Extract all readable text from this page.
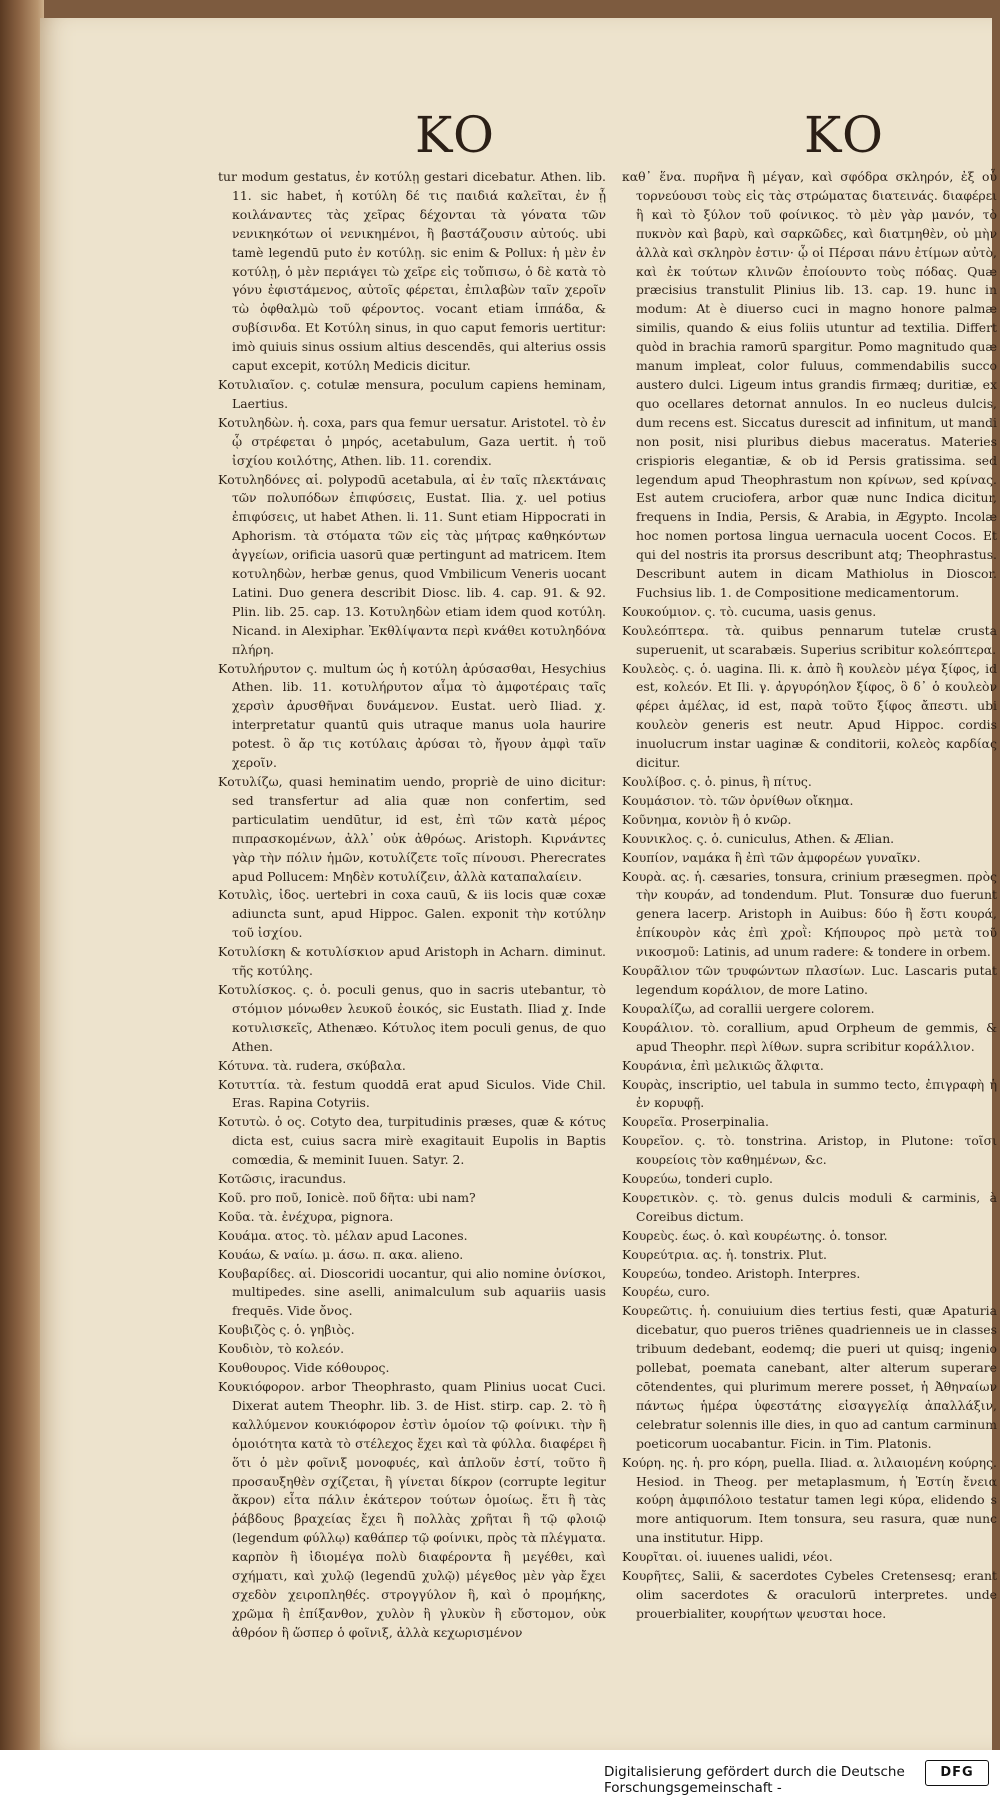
KO	KO

tur modum gestatus, ἐν κοτύλῃ gestari dicebatur. Athen. lib. 11. sic habet, ἡ κοτύλη δέ τις παιδιά καλεῖται, ἐν ᾗ κοιλάναντες τὰς χεῖρας δέχονται τὰ γόνατα τῶν νενικηκότων οἱ νενικημένοι, ἢ βαστάζουσιν αὐτούς. ubi tamè legendū puto ἐν κοτύλῃ. sic enim & Pollux: ἡ μὲν ἐν κοτύλῃ, ὁ μὲν περιάγει τὼ χεῖρε εἰς τοὔπισω, ὁ δὲ κατὰ τὸ γόνυ ἐφιστάμενος, αὐτοῖς φέρεται, ἐπιλαβὼν ταῖν χεροῖν τὼ ὀφθαλμὼ τοῦ φέροντος. vocant etiam ἱππάδα, & συβίσινδα. Et Κοτύλη sinus, in quo caput femoris uertitur: imò quiuis sinus ossium altius descendēs, qui alterius ossis caput excepit, κοτύλη Medicis dicitur.

Κοτυλιαῖον. ς. cotulæ mensura, poculum capiens heminam, Laertius.

Κοτυληδὼν. ἡ. coxa, pars qua femur uersatur. Aristotel. τὸ ἐν ᾧ στρέφεται ὁ μηρός, acetabulum, Gaza uertit. ἡ τοῦ ἰσχίου κοιλότης, Athen. lib. 11. corendix.

Κοτυληδόνες αἱ. polypodū acetabula, αἱ ἐν ταῖς πλεκτάναις τῶν πολυπόδων ἐπιφύσεις, Eustat. Ilia. χ. uel potius ἐπιφύσεις, ut habet Athen. li. 11. Sunt etiam Hippocrati in Aphorism. τὰ στόματα τῶν εἰς τὰς μήτρας καθηκόντων ἀγγείων, orificia uasorū quæ pertingunt ad matricem. Item κοτυληδὼν, herbæ genus, quod Vmbilicum Veneris uocant Latini. Duo genera describit Diosc. lib. 4. cap. 91. & 92. Plin. lib. 25. cap. 13. Κοτυληδὼν etiam idem quod κοτύλη. Nicand. in Alexiphar. Ἐκθλίψαντα περὶ κνάθει κοτυληδόνα πλήρη.

Κοτυλήρυτον ς. multum ὡς ἡ κοτύλη ἀρύσασθαι, Hesychius Athen. lib. 11. κοτυλήρυτον αἷμα τὸ ἀμφοτέραις ταῖς χερσὶν ἀρυσθῆναι δυνάμενον. Eustat. uerò Iliad. χ. interpretatur quantū quis utraque manus uola haurire potest. ὃ ἄρ τις κοτύλαις ἀρύσαι τὸ, ἤγουν ἀμφὶ ταῖν χεροῖν.

Κοτυλίζω, quasi heminatim uendo, propriè de uino dicitur: sed transfertur ad alia quæ non confertim, sed particulatim uendūtur, id est, ἐπὶ τῶν κατὰ μέρος πιπρασκομένων, ἀλλ᾽ οὐκ ἀθρόως. Aristoph. Κιρνάντες γὰρ τὴν πόλιν ἡμῶν, κοτυλίζετε τοῖς πίνουσι. Pherecrates apud Pollucem: Μηδὲν κοτυλίζειν, ἀλλὰ καταπαλαίειν.

Κοτυλὶς, ἰδος. uertebri in coxa cauū, & iis locis quæ coxæ adiuncta sunt, apud Hippoc. Galen. exponit τὴν κοτύλην τοῦ ἰσχίου.

Κοτυλίσκη & κοτυλίσκιον apud Aristoph in Acharn. diminut. τῆς κοτύλης.

Κοτυλίσκος. ς. ὁ. poculi genus, quo in sacris utebantur, τὸ στόμιον μόνωθεν λευκοῦ ἐοικός, sic Eustath. Iliad χ. Inde κοτυλισκεῖς, Athenæo. Κότυλος item poculi genus, de quo Athen.

Κότυνα. τὰ. rudera, σκύβαλα.

Κοτυττία. τὰ. festum quoddā erat apud Siculos. Vide Chil. Eras. Rapina Cotyriis.

Κοτυτὼ. ὁ ος. Cotyto dea, turpitudinis præses, quæ & κότυς dicta est, cuius sacra mirè exagitauit Eupolis in Baptis comœdia, & meminit Iuuen. Satyr. 2.

Κοτῶσις, iracundus.

Κοῦ. pro ποῦ, Ionicè. ποῦ δῆτα: ubi nam?

Κοῦα. τὰ. ἐνέχυρα, pignora.

Κουάμα. ατος. τὸ. μέλαν apud Lacones.

Κουάω, & ναίω. μ. άσω. π. ακα. alieno.

Κουβαρίδες. αἱ. Dioscoridi uocantur, qui alio nomine ὀνίσκοι, multipedes. sine aselli, animalculum sub aquariis uasis frequēs. Vide ὄνος.

Κουβιζὸς ς. ὁ. γηβιὸς.

Κουδιὸν, τὸ κολεόν.

Κουθουρος. Vide κόθουρος.

Κουκιόφορον. arbor Theophrasto, quam Plinius uocat Cuci. Dixerat autem Theophr. lib. 3. de Hist. stirp. cap. 2. τὸ ἣ καλλύμενον κουκιόφορον ἐστὶν ὁμοίον τῷ φοίνικι. τὴν ἣ ὁμοιότητα κατὰ τὸ στέλεχος ἔχει καὶ τὰ φύλλα. διαφέρει ἣ ὅτι ὁ μὲν φοῖνιξ μονοφυές, καὶ ἁπλοῦν ἐστί, τοῦτο ἣ προσαυξηθὲν σχίζεται, ἢ γίνεται δίκρον (corrupte legitur ἄκρον) εἶτα πάλιν ἑκάτερον τούτων ὁμοίως. ἔτι ἣ τὰς ῥάβδους βραχείας ἔχει ἣ πολλὰς χρῆται ἣ τῷ φλοιῷ (legendum φύλλῳ) καθάπερ τῷ φοίνικι, πρὸς τὰ πλέγματα. καρπὸν ἣ ἰδιομέγα πολὺ διαφέροντα ἢ μεγέθει, καὶ σχήματι, καὶ χυλῷ (legendū χυλῷ) μέγεθος μὲν γὰρ ἔχει σχεδὸν χειροπληθές. στρογγύλον ἣ, καὶ ὁ προμήκης, χρῶμα ἣ ἐπίξανθον, χυλὸν ἣ γλυκὺν ἢ εὔστομον, οὐκ ἀθρόον ἣ ὥσπερ ὁ φοῖνιξ, ἀλλὰ κεχωρισμένον

καθ᾽ ἕνα. πυρῆνα ἣ μέγαν, καὶ σφόδρα σκληρόν, ἐξ οὗ τορνεύουσι τοὺς εἰς τὰς στρώματας διατεινάς. διαφέρει ἣ καὶ τὸ ξύλον τοῦ φοίνικος. τὸ μὲν γὰρ μανόν, τὸ πυκνὸν καὶ βαρὺ, καὶ σαρκῶδες, καὶ διατμηθὲν, οὐ μὴν ἀλλὰ καὶ σκληρὸν ἐστιν· ᾧ οἱ Πέρσαι πάνυ ἐτίμων αὐτὸ, καὶ ἐκ τούτων κλινῶν ἐποίουντο τοὺς πόδας. Quæ præcisius transtulit Plinius lib. 13. cap. 19. hunc in modum: At è diuerso cuci in magno honore palmæ similis, quando & eius foliis utuntur ad textilia. Differt quòd in brachia ramorū spargitur. Pomo magnitudo quæ manum impleat, color fuluus, commendabilis succo austero dulci. Ligeum intus grandis firmæq; duritiæ, ex quo ocellares detornat annulos. In eo nucleus dulcis, dum recens est. Siccatus durescit ad infinitum, ut mandi non posit, nisi pluribus diebus maceratus. Materies crispioris elegantiæ, & ob id Persis gratissima. sed legendum apud Theophrastum non κρίνων, sed κρίνας. Est autem cruciofera, arbor quæ nunc Indica dicitur, frequens in India, Persis, & Arabia, in Ægypto. Incolæ hoc nomen portosa lingua uernacula uocent Cocos. Et qui del nostris ita prorsus describunt atq; Theophrastus. Describunt autem in dicam Mathiolus in Dioscor. Fuchsius lib. 1. de Compositione medicamentorum.

Κουκούμιον. ς. τὸ. cucuma, uasis genus.

Κουλεόπτερα. τὰ. quibus pennarum tutelæ crusta superuenit, ut scarabæis. Superius scribitur κολεόπτερα.

Κουλεὸς. ς. ὁ. uagina. Ili. κ. ἀπὸ ἣ κουλεὸν μέγα ξίφος, id est, κολεόν. Et Ili. γ. ἀργυρόηλον ξίφος, ὃ δ᾽ ὁ κουλεὸν φέρει ἀμέλας, id est, παρὰ τοῦτο ξίφος ἄπεστι. ubi κουλεὸν generis est neutr. Apud Hippoc. cordis inuolucrum instar uaginæ & conditorii, κολεὸς καρδίας dicitur.

Κουλίβοσ. ς. ὁ. pinus, ἢ πίτυς.

Κουμάσιον. τὸ. τῶν ὀρνίθων οἴκημα.

Κοῦνημα, κονιὸν ἣ ὁ κνῶρ.

Κουνικλος. ς. ὁ. cuniculus, Athen. & Ælian.

Κουπίον, ναμάκα ἣ ἐπὶ τῶν ἀμφορέων γυναῖκν.

Κουρὰ. ας. ἡ. cæsaries, tonsura, crinium præsegmen. πρὸς τὴν κουράν, ad tondendum. Plut. Tonsuræ duo fuerunt genera lacerp. Aristoph in Auibus: δύο ἣ ἔστι κουρά, ἐπίκουρὸν κἀς ἐπὶ χροῒ: Κήπουρος πρὸ μετὰ τοῦ νικοσμοῦ: Latinis, ad unum radere: & tondere in orbem.

Κουρᾶλιον τῶν τρυφώντων πλασίων. Luc. Lascaris putat legendum κοράλιον, de more Latino.

Κουραλίζω, ad corallii uergere colorem.

Κουράλιον. τὸ. corallium, apud Orpheum de gemmis, & apud Theophr. περὶ λίθων. supra scribitur κοράλλιον.

Κουράνια, ἐπὶ μελικιῶς ἄλφιτα.

Κουρὰς, inscriptio, uel tabula in summo tecto, ἐπιγραφὴ ἡ ἐν κορυφῇ.

Κουρεῖα. Proserpinalia.

Κουρεῖον. ς. τὸ. tonstrina. Aristop, in Plutone: τοῖσι κουρείοις τὸν καθημένων, &c.

Κουρεύω, tonderi cuplo.

Κουρετικὸν. ς. τὸ. genus dulcis moduli & carminis, à Coreibus dictum.

Κουρεὺς. έως. ὁ. καὶ κουρέωτης. ὁ. tonsor.

Κουρεύτρια. ας. ἡ. tonstrix. Plut.

Κουρεύω, tondeo. Aristoph. Interpres.

Κουρέω, curo.

Κουρεῶτις. ἡ. conuiuium dies tertius festi, quæ Apaturia dicebatur, quo pueros triēnes quadrienneis ue in classes tribuum dedebant, eodemq; die pueri ut quisq; ingenio pollebat, poemata canebant, alter alterum superare cōtendentes, qui plurimum merere posset, ἡ Ἀθηναίων πάντως ἡμέρα ὑφεστάτης εἰσαγγελίᾳ ἀπαλλάξιν, celebratur solennis ille dies, in quo ad cantum carminum poeticorum uocabantur. Ficin. in Tim. Platonis.

Κούρη. ης. ἡ. pro κόρη, puella. Iliad. α. λιλαιομένη κούρης. Hesiod. in Theog. per metaplasmum, ἡ Ἑστίη ἔνεια κούρη ἀμφιπόλοιο testatur tamen legi κύρα, elidendo s more antiquorum. Item tonsura, seu rasura, quæ nunc una institutur. Hipp.

Κουρῖται. οἱ. iuuenes ualidi, νέοι.

Κουρῆτες, Salii, & sacerdotes Cybeles Cretensesq; erant olim sacerdotes & oraculorū interpretes. unde prouerbialiter, κουρήτων ψευσται hoce.

Digitalisierung gefördert durch die Deutsche Forschungsgemeinschaft -
DFG
